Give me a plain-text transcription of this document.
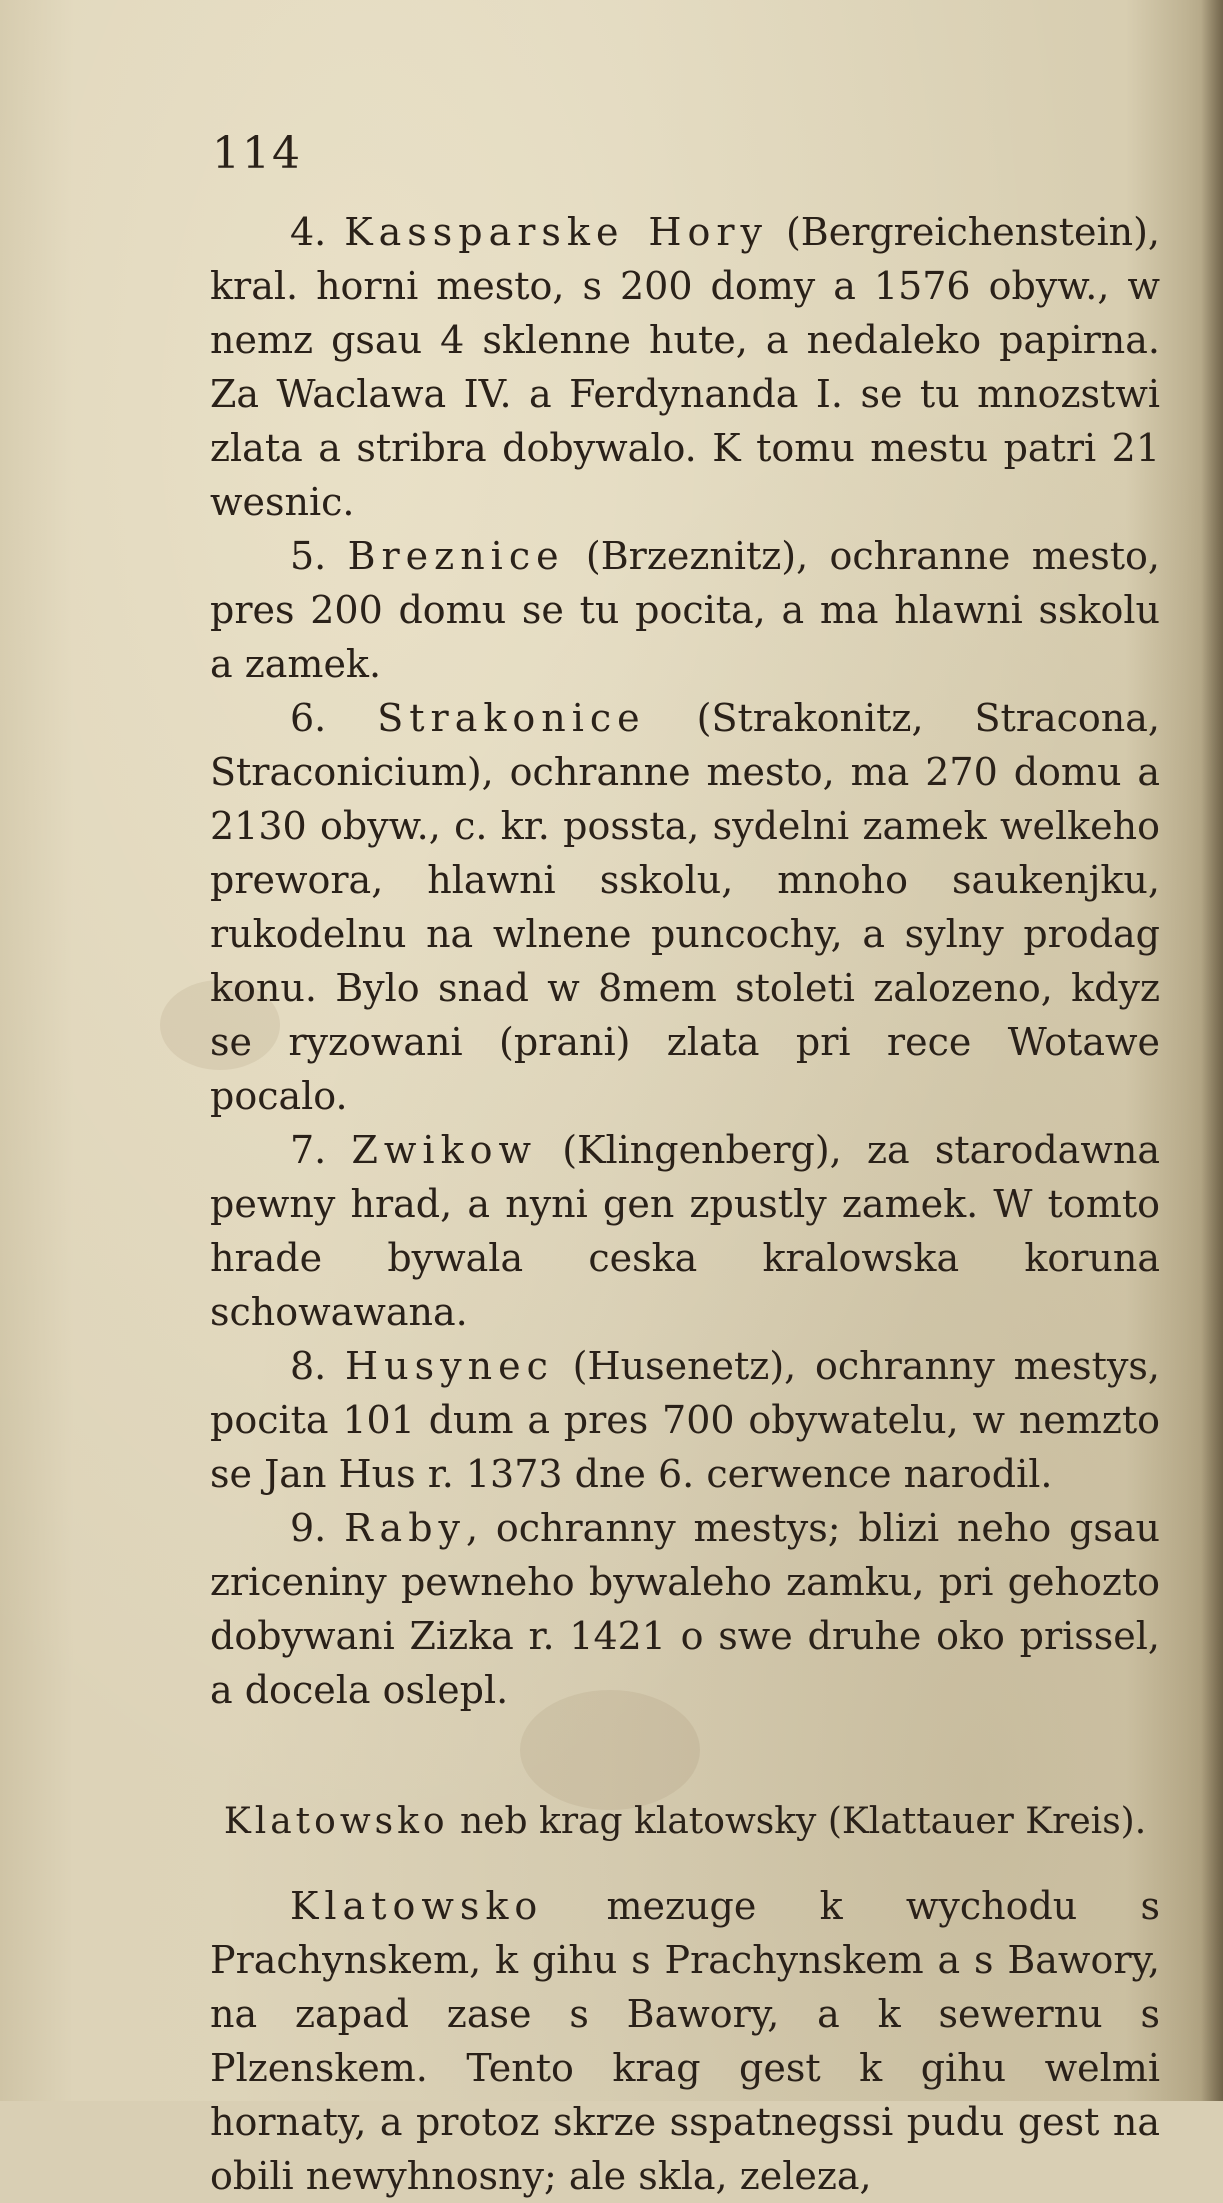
114

4. Kassparske Hory (Bergreichenstein), kral. horni mesto, s 200 domy a 1576 obyw., w nemz gsau 4 sklenne hute, a nedaleko papirna. Za Waclawa IV. a Ferdynanda I. se tu mnozstwi zlata a stribra dobywalo. K tomu mestu patri 21 wesnic.

5. Breznice (Brzeznitz), ochranne mesto, pres 200 domu se tu pocita, a ma hlawni sskolu a zamek.

6. Strakonice (Strakonitz, Stracona, Straconicium), ochranne mesto, ma 270 domu a 2130 obyw., c. kr. possta, sydelni zamek welkeho prewora, hlawni sskolu, mnoho saukenjku, rukodelnu na wlnene puncochy, a sylny prodag konu. Bylo snad w 8mem stoleti zalozeno, kdyz se ryzowani (prani) zlata pri rece Wotawe pocalo.

7. Zwikow (Klingenberg), za starodawna pewny hrad, a nyni gen zpustly zamek. W tomto hrade bywala ceska kralowska koruna schowawana.

8. Husynec (Husenetz), ochranny mestys, pocita 101 dum a pres 700 obywatelu, w nemzto se Jan Hus r. 1373 dne 6. cerwence narodil.

9. Raby, ochranny mestys; blizi neho gsau zriceniny pewneho bywaleho zamku, pri gehozto dobywani Zizka r. 1421 o swe druhe oko prissel, a docela oslepl.

Klatowsko neb krag klatowsky (Klattauer Kreis).

Klatowsko mezuge k wychodu s Prachynskem, k gihu s Prachynskem a s Bawory, na zapad zase s Bawory, a k sewernu s Plzenskem. Tento krag gest k gihu welmi hornaty, a protoz skrze sspatnegssi pudu gest na obili newyhnosny; ale skla, zeleza,
